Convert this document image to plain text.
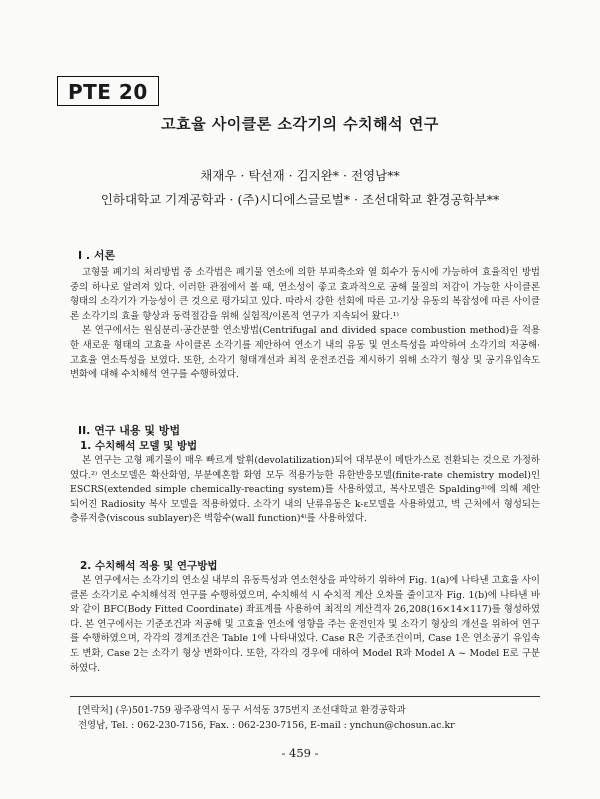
PTE 20
고효율 사이클론 소각기의 수치해석 연구
채재우 · 탁선재 · 김지완* · 전영남**
인하대학교 기계공학과 · (주)시디에스글로벌* · 조선대학교 환경공학부**
I . 서론

고형물 폐기의 처리방법 중 소각법은 폐기물 연소에 의한 부피축소와 열 회수가 동시에 가능하여 효율적인 방법 중의 하나로 알려져 있다. 이러한 관점에서 볼 때, 연소성이 좋고 효과적으로 공해 물질의 저감이 가능한 사이클론 형태의 소각기가 가능성이 큰 것으로 평가되고 있다. 따라서 강한 선회에 따른 고-기상 유동의 복잡성에 따른 사이클론 소각기의 효율 향상과 동력절감을 위해 실험적/이론적 연구가 지속되어 왔다.¹⁾

본 연구에서는 원심분리·공간분할 연소방법(Centrifugal and divided space combustion method)을 적용한 새로운 형태의 고효율 사이클론 소각기를 제안하여 연소기 내의 유동 및 연소특성을 파악하여 소각기의 저공해·고효율 연소특성을 보였다. 또한, 소각기 형태개선과 최적 운전조건을 제시하기 위해 소각기 형상 및 공기유입속도 변화에 대해 수치해석 연구를 수행하였다.

II. 연구 내용 및 방법
1. 수치해석 모델 및 방법

본 연구는 고형 폐기물이 매우 빠르게 탈휘(devolatilization)되어 대부분이 메탄가스로 전환되는 것으로 가정하였다.²⁾ 연소모델은 확산화염, 부분예혼합 화염 모두 적용가능한 유한반응모델(finite-rate chemistry model)인 ESCRS(extended simple chemically-reacting system)를 사용하였고, 복사모델은 Spalding³⁾에 의해 제안되어진 Radiosity 복사 모델을 적용하였다. 소각기 내의 난류유동은 k-ε모델을 사용하였고, 벽 근처에서 형성되는 층류저층(viscous sublayer)은 벽함수(wall function)⁴⁾를 사용하였다.

2. 수치해석 적용 및 연구방법

본 연구에서는 소각기의 연소실 내부의 유동특성과 연소현상을 파악하기 위하여 Fig. 1(a)에 나타낸 고효율 사이클론 소각기로 수치해석적 연구를 수행하였으며, 수치해석 시 수치적 계산 오차를 줄이고자 Fig. 1(b)에 나타낸 바와 같이 BFC(Body Fitted Coordinate) 좌표계를 사용하여 최적의 계산격자 26,208(16×14×117)를 형성하였다. 본 연구에서는 기준조건과 저공해 및 고효율 연소에 영향을 주는 운전인자 및 소각기 형상의 개선을 위하여 연구를 수행하였으며, 각각의 경계조건은 Table 1에 나타내었다. Case R은 기준조건이며, Case 1은 연소공기 유입속도 변화, Case 2는 소각기 형상 변화이다. 또한, 각각의 경우에 대하여 Model R과 Model A ~ Model E로 구분하였다.

[연락처] (우)501-759 광주광역시 동구 서석동 375번지 조선대학교 환경공학과
전영남, Tel. : 062-230-7156, Fax. : 062-230-7156, E-mail : ynchun@chosun.ac.kr
- 459 -
